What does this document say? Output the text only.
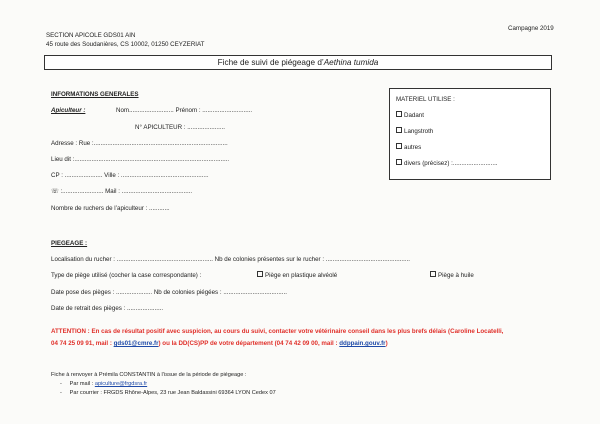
Campagne 2019
SECTION APICOLE GDS01 AIN
45 route des Soudanières, CS 10002, 01250 CEYZERIAT
Fiche de suivi de piégeage d’Aethina tumida
INFORMATIONS GENERALES
Apiculteur :	Nom.......................... Prénom : .............................
N° APICULTEUR : ......................
Adresse : Rue :..............................................................................
Lieu dit :..........................................................................................
CP : ...................... Ville : ...................................................
☏ :........................ Mail : .........................................
Nombre de ruchers de l’apiculteur : ............
MATERIEL UTILISE :
Dadant
Langstroth
autres
divers (précisez) :..........................
PIEGEAGE :
Localisation du rucher : ........................................................ Nb de colonies présentes sur le rucher : .................................................
Type de piège utilisé (cocher la case correspondante) :	Piège en plastique alvéolé	Piège à huile
Date pose des pièges : ..................... Nb de colonies piégées : .....................................
Date de retrait des pièges : .....................
ATTENTION : En cas de résultat positif avec suspicion, au cours du suivi, contacter votre vétérinaire conseil dans les plus brefs délais (Caroline Locatelli,
04 74 25 09 91, mail : gds01@cmre.fr) ou la DD(CS)PP de votre département (04 74 42 09 00, mail : ddppain.gouv.fr)
Fiche à renvoyer à Prémila CONSTANTIN à l’issue de la période de piégeage :
-     Par mail : apiculture@frgdsra.fr
-     Par courrier : FRGDS Rhône-Alpes, 23 rue Jean Baldassini 69364 LYON Cedex 07
